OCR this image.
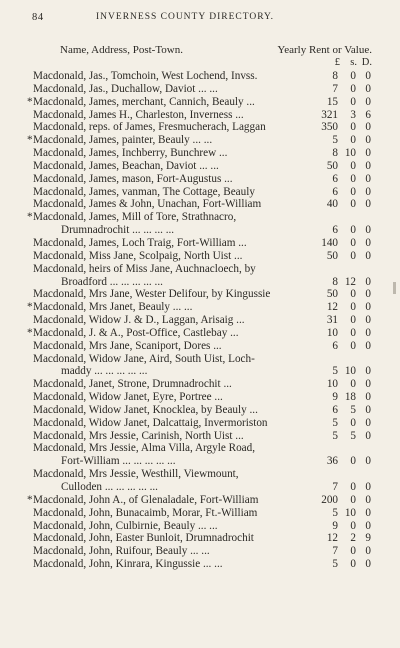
84	INVERNESS COUNTY DIRECTORY.
Name, Address, Post-Town.	Yearly Rent or Value.
£ s. D.
Macdonald, Jas., Tomchoin, West Lochend, Invss.	8	0 0
Macdonald, Jas., Duchallow, Daviot ... ...	7	0 0
* Macdonald, James, merchant, Cannich, Beauly ...	15	0 0
Macdonald, James H., Charleston, Inverness ...	321	3 6
Macdonald, reps. of James, Fresmucherach, Laggan	350	0 0
* Macdonald, James, painter, Beauly ... ...	5	0 0
Macdonald, James, Inchberry, Bunchrew ...	8 10 0
Macdonald, James, Beachan, Daviot ... ...	50	0 0
Macdonald, James, mason, Fort-Augustus ...	6	0 0
Macdonald, James, vanman, The Cottage, Beauly	6	0 0
Macdonald, James & John, Unachan, Fort-William	40	0 0
* Macdonald, James, Mill of Tore, Strathnacro,
Drumnadrochit ... ... ... ...	6	0 0
Macdonald, James, Loch Traig, Fort-William ...	140	0 0
Macdonald, Miss Jane, Scolpaig, North Uist ...	50	0 0
Macdonald, heirs of Miss Jane, Auchnacloech, by
Broadford ... ... ... ... ...	8 12 0
Macdonald, Mrs Jane, Wester Delifour, by Kingussie	50	0 0
* Macdonald, Mrs Janet, Beauly ... ...	12	0 0
Macdonald, Widow J. & D., Laggan, Arisaig ...	31	0 0
* Macdonald, J. & A., Post-Office, Castlebay ...	10	0 0
Macdonald, Mrs Jane, Scaniport, Dores ...	6	0 0
Macdonald, Widow Jane, Aird, South Uist, Loch-
maddy ... ... ... ... ...	5 10 0
Macdonald, Janet, Strone, Drumnadrochit ...	10	0 0
Macdonald, Widow Janet, Eyre, Portree ...	9 18 0
Macdonald, Widow Janet, Knocklea, by Beauly ...	6	5 0
Macdonald, Widow Janet, Dalcattaig, Invermoriston	5	0 0
Macdonald, Mrs Jessie, Carinish, North Uist ...	5	5 0
Macdonald, Mrs Jessie, Alma Villa, Argyle Road,
Fort-William ... ... ... ... ...	36	0 0
Macdonald, Mrs Jessie, Westhill, Viewmount,
Culloden ... ... ... ... ...	7	0 0
* Macdonald, John A., of Glenaladale, Fort-William	200	0 0
Macdonald, John, Bunacaimb, Morar, Ft.-William	5 10 0
Macdonald, John, Culbirnie, Beauly ... ...	9	0 0
Macdonald, John, Easter Bunloit, Drumnadrochit	12	2 9
Macdonald, John, Ruifour, Beauly ... ...	7	0 0
Macdonald, John, Kinrara, Kingussie ... ...	5	0 0
